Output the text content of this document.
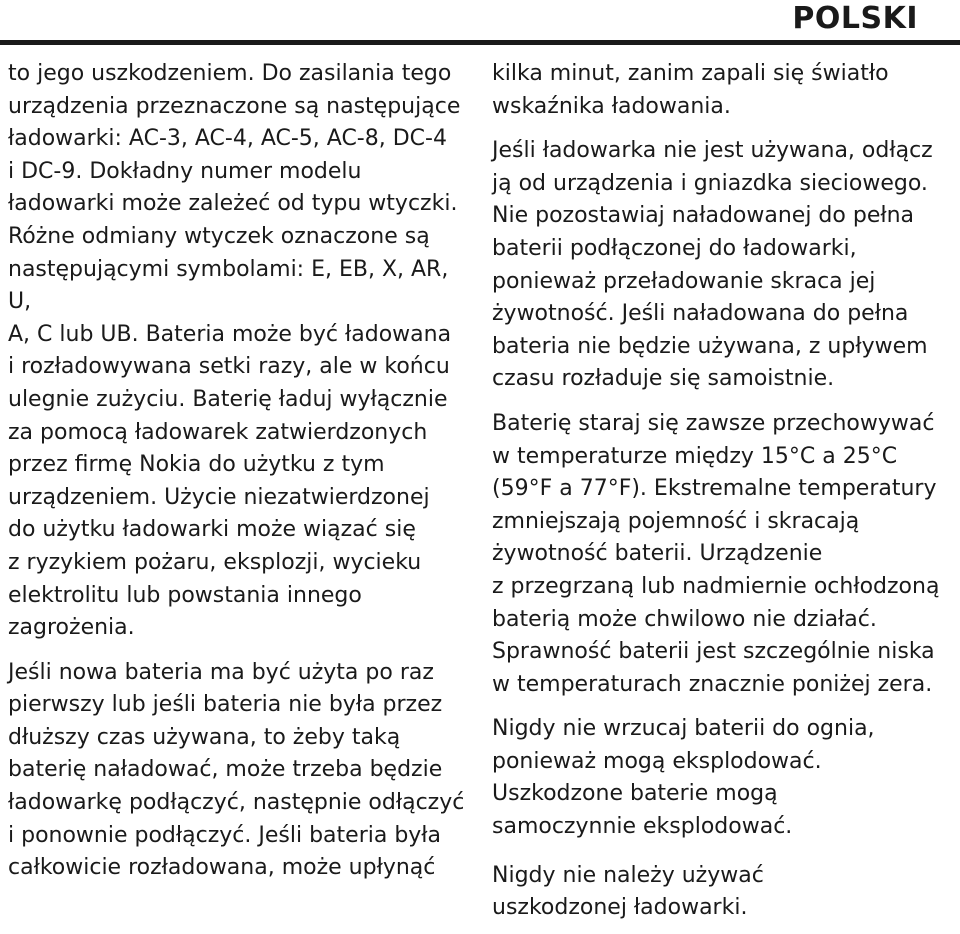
POLSKI

to jego uszkodzeniem. Do zasilania tego
urządzenia przeznaczone są następujące
ładowarki: AC-3, AC-4, AC-5, AC-8, DC-4
i DC-9. Dokładny numer modelu
ładowarki może zależeć od typu wtyczki.
Różne odmiany wtyczek oznaczone są
następującymi symbolami: E, EB, X, AR, U,
A, C lub UB. Bateria może być ładowana
i rozładowywana setki razy, ale w końcu
ulegnie zużyciu. Baterię ładuj wyłącznie
za pomocą ładowarek zatwierdzonych
przez firmę Nokia do użytku z tym
urządzeniem. Użycie niezatwierdzonej
do użytku ładowarki może wiązać się
z ryzykiem pożaru, eksplozji, wycieku
elektrolitu lub powstania innego
zagrożenia.

Jeśli nowa bateria ma być użyta po raz
pierwszy lub jeśli bateria nie była przez
dłuższy czas używana, to żeby taką
baterię naładować, może trzeba będzie
ładowarkę podłączyć, następnie odłączyć
i ponownie podłączyć. Jeśli bateria była
całkowicie rozładowana, może upłynąć

kilka minut, zanim zapali się światło
wskaźnika ładowania.

Jeśli ładowarka nie jest używana, odłącz
ją od urządzenia i gniazdka sieciowego.
Nie pozostawiaj naładowanej do pełna
baterii podłączonej do ładowarki,
ponieważ przeładowanie skraca jej
żywotność. Jeśli naładowana do pełna
bateria nie będzie używana, z upływem
czasu rozładuje się samoistnie.

Baterię staraj się zawsze przechowywać
w temperaturze między 15°C a 25°C
(59°F a 77°F). Ekstremalne temperatury
zmniejszają pojemność i skracają
żywotność baterii. Urządzenie
z przegrzaną lub nadmiernie ochłodzoną
baterią może chwilowo nie działać.
Sprawność baterii jest szczególnie niska
w temperaturach znacznie poniżej zera.

Nigdy nie wrzucaj baterii do ognia,
ponieważ mogą eksplodować.
Uszkodzone baterie mogą
samoczynnie eksplodować.

Nigdy nie należy używać
uszkodzonej ładowarki.
